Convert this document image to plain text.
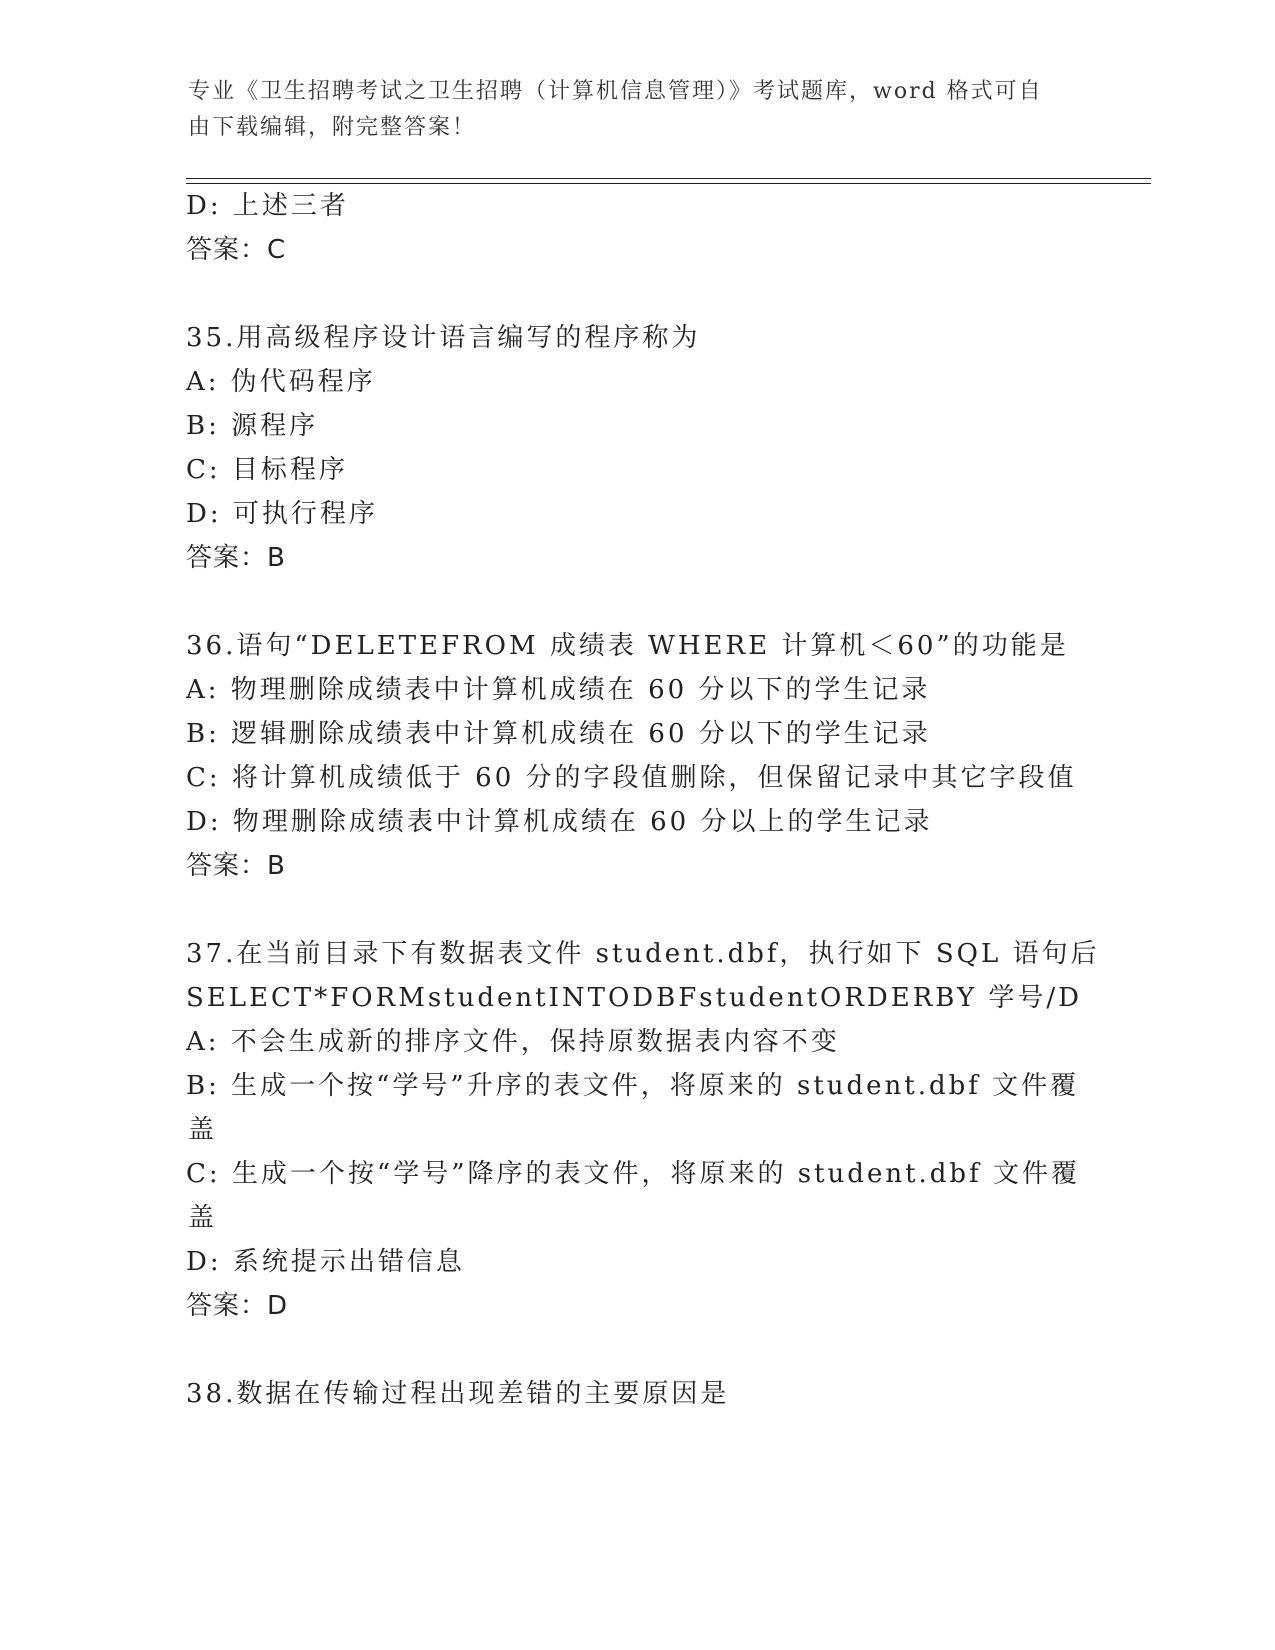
专业《卫生招聘考试之卫生招聘（计算机信息管理）》考试题库，word 格式可自
由下载编辑，附完整答案！
D: 上述三者
答案：C
35.用高级程序设计语言编写的程序称为
A: 伪代码程序
B: 源程序
C: 目标程序
D: 可执行程序
答案：B
36.语句“DELETEFROM 成绩表 WHERE 计算机＜60”的功能是
A: 物理删除成绩表中计算机成绩在 60 分以下的学生记录
B: 逻辑删除成绩表中计算机成绩在 60 分以下的学生记录
C: 将计算机成绩低于 60 分的字段值删除，但保留记录中其它字段值
D: 物理删除成绩表中计算机成绩在 60 分以上的学生记录
答案：B
37.在当前目录下有数据表文件 student.dbf，执行如下 SQL 语句后
SELECT*FORMstudentINTODBFstudentORDERBY 学号/D
A: 不会生成新的排序文件，保持原数据表内容不变
B: 生成一个按“学号”升序的表文件，将原来的 student.dbf 文件覆
盖
C: 生成一个按“学号”降序的表文件，将原来的 student.dbf 文件覆
盖
D: 系统提示出错信息
答案：D
38.数据在传输过程出现差错的主要原因是
